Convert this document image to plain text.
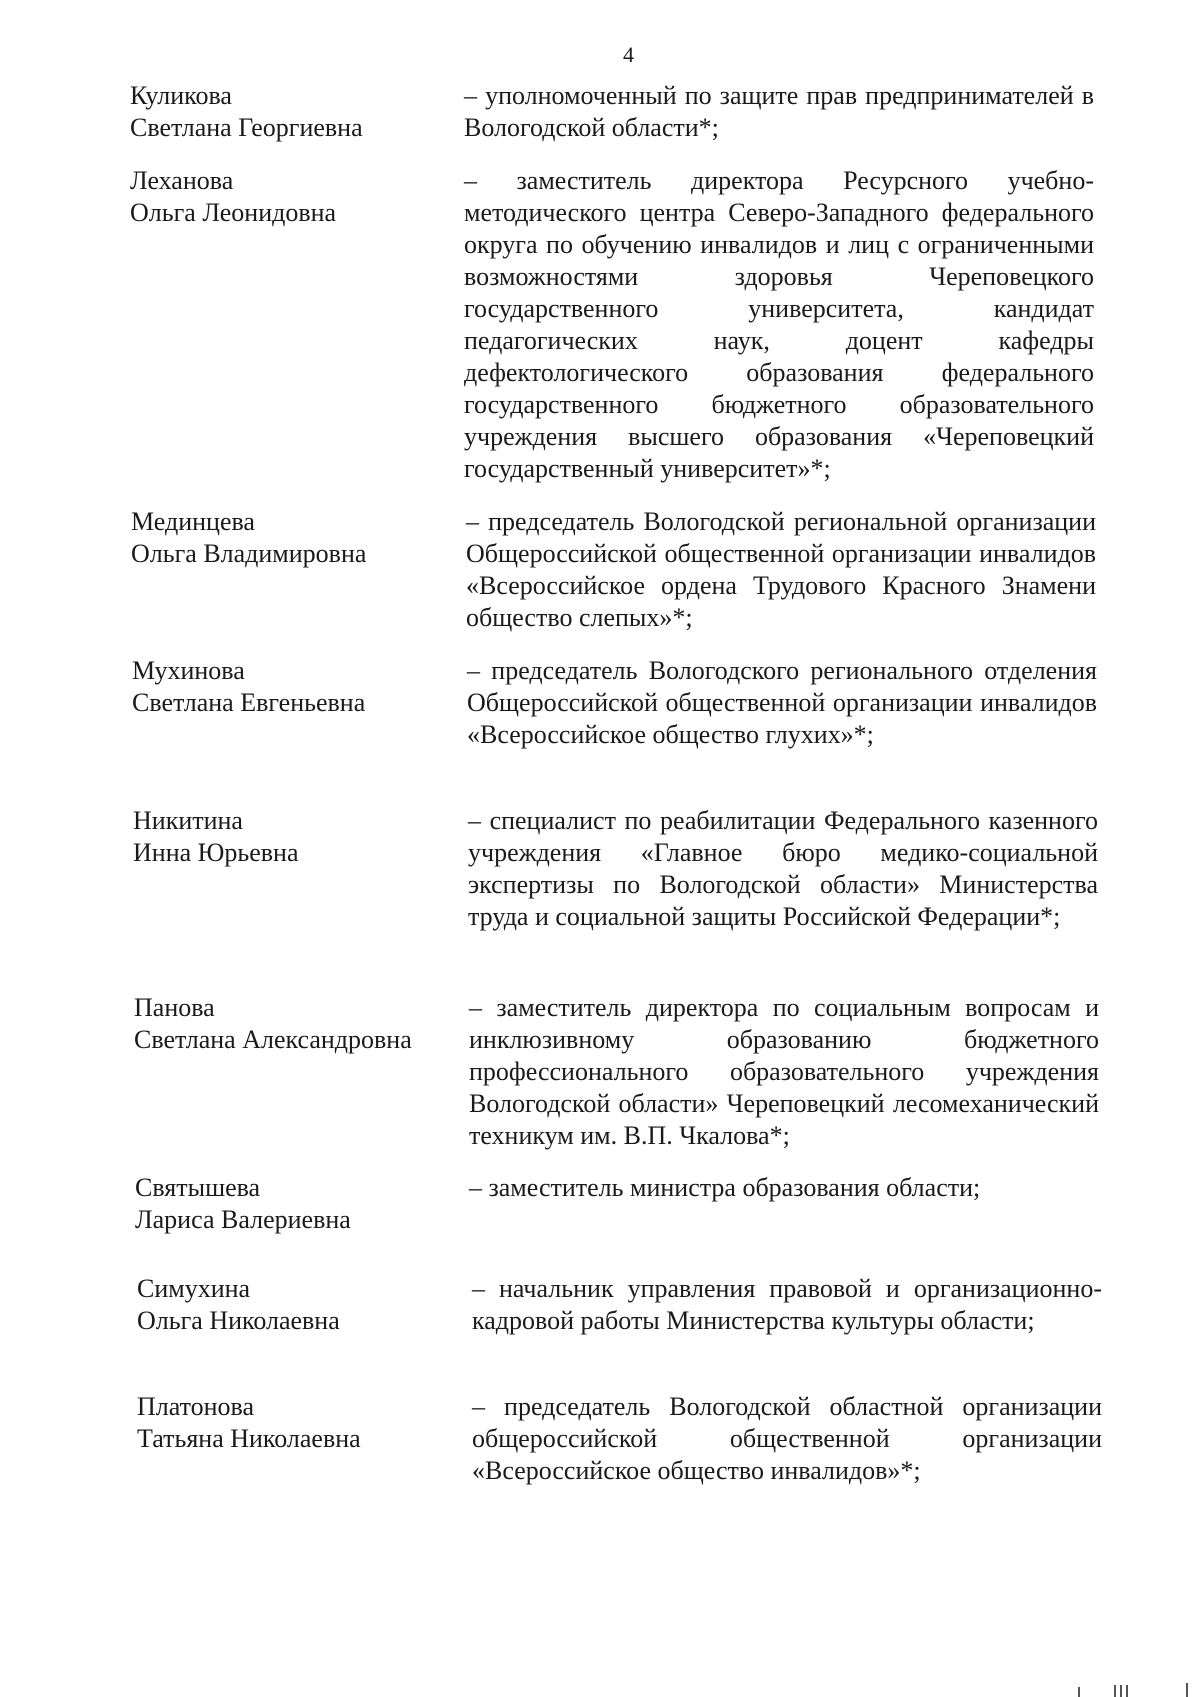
4
Куликова
Светлана Георгиевна

– уполномоченный по защите прав предпринимателей в Вологодской области*;

Леханова
Ольга Леонидовна

– заместитель директора Ресурсного учебно-методического центра Северо-Западного федерального округа по обучению инвалидов и лиц с ограниченными возможностями здоровья Череповецкого государственного университета, кандидат педагогических наук, доцент кафедры дефектологического образования федерального государственного бюджетного образовательного учреждения высшего образования «Череповецкий государственный университет»*;

Мединцева
Ольга Владимировна

– председатель Вологодской региональной организации Общероссийской общественной организации инвалидов «Всероссийское ордена Трудового Красного Знамени общество слепых»*;

Мухинова
Светлана Евгеньевна

– председатель Вологодского регионального отделения Общероссийской общественной организации инвалидов «Всероссийское общество глухих»*;

Никитина
Инна Юрьевна

– специалист по реабилитации Федерального казенного учреждения «Главное бюро медико-социальной экспертизы по Вологодской области» Министерства труда и социальной защиты Российской Федерации*;

Панова
Светлана Александровна

– заместитель директора по социальным вопросам и инклюзивному образованию бюджетного профессионального образовательного учреждения Вологодской области» Череповецкий лесомеханический техникум им. В.П. Чкалова*;

Святышева
Лариса Валериевна

– заместитель министра образования области;

Симухина
Ольга Николаевна

– начальник управления правовой и организационно-кадровой работы Министерства культуры области;

Платонова
Татьяна Николаевна

– председатель Вологодской областной организации общероссийской общественной организации «Всероссийское общество инвалидов»*;
